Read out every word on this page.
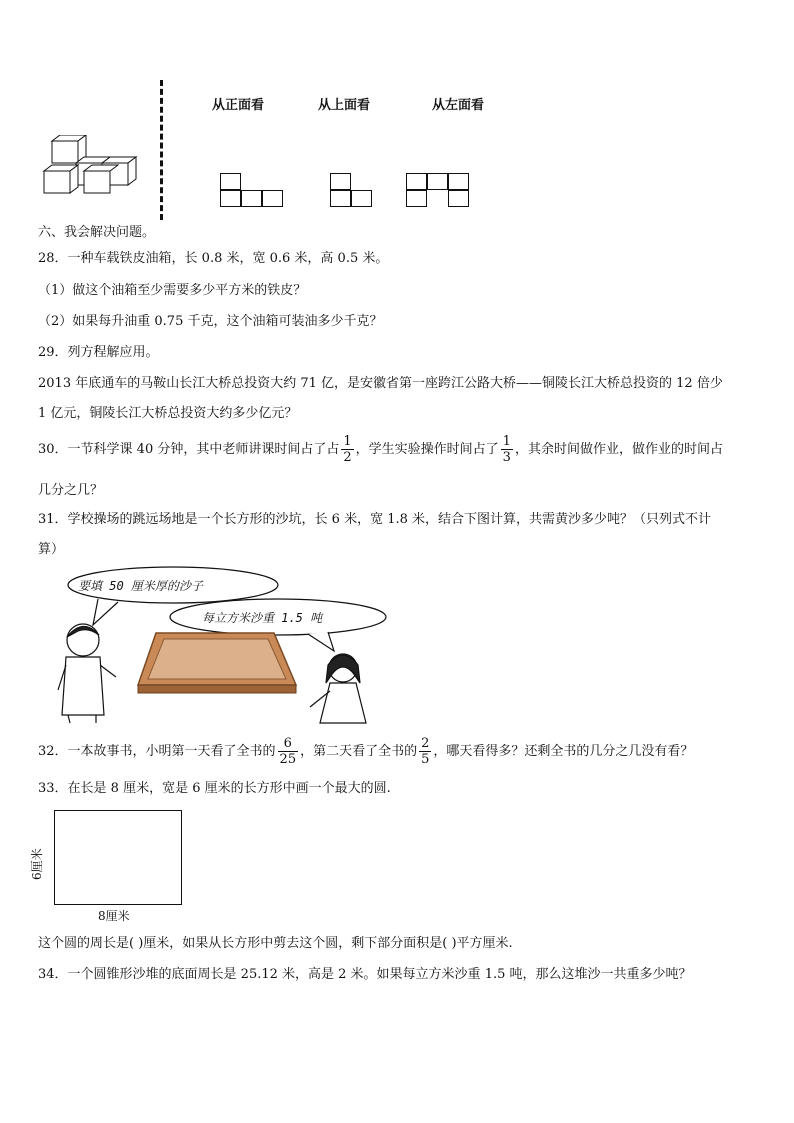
从正面看	从上面看	从左面看
六、我会解决问题。
28．一种车载铁皮油箱，长 0.8 米，宽 0.6 米，高 0.5 米。
（1）做这个油箱至少需要多少平方米的铁皮？
（2）如果每升油重 0.75 千克，这个油箱可装油多少千克？
29．列方程解应用。
2013 年底通车的马鞍山长江大桥总投资大约 71 亿，是安徽省第一座跨江公路大桥——铜陵长江大桥总投资的 12 倍少
1 亿元，铜陵长江大桥总投资大约多少亿元？
30．一节科学课 40 分钟，其中老师讲课时间占了占 $\frac{1}{2}$ ，学生实验操作时间占了 $\frac{1}{3}$ ，其余时间做作业，做作业的时间占
几分之几？
31．学校操场的跳远场地是一个长方形的沙坑，长 6 米，宽 1.8 米，结合下图计算，共需黄沙多少吨？（只列式不计
算）
要填 50 厘米厚的沙子
每立方米沙重 1.5 吨
32．一本故事书，小明第一天看了全书的 $\frac{6}{25}$ ，第二天看了全书的 $\frac{2}{5}$ ，哪天看得多？还剩全书的几分之几没有看？
33．在长是 8 厘米，宽是 6 厘米的长方形中画一个最大的圆.
6厘米
8厘米
这个圆的周长是( )厘米，如果从长方形中剪去这个圆，剩下部分面积是( )平方厘米.
34．一个圆锥形沙堆的底面周长是 25.12 米，高是 2 米。如果每立方米沙重 1.5 吨，那么这堆沙一共重多少吨？
